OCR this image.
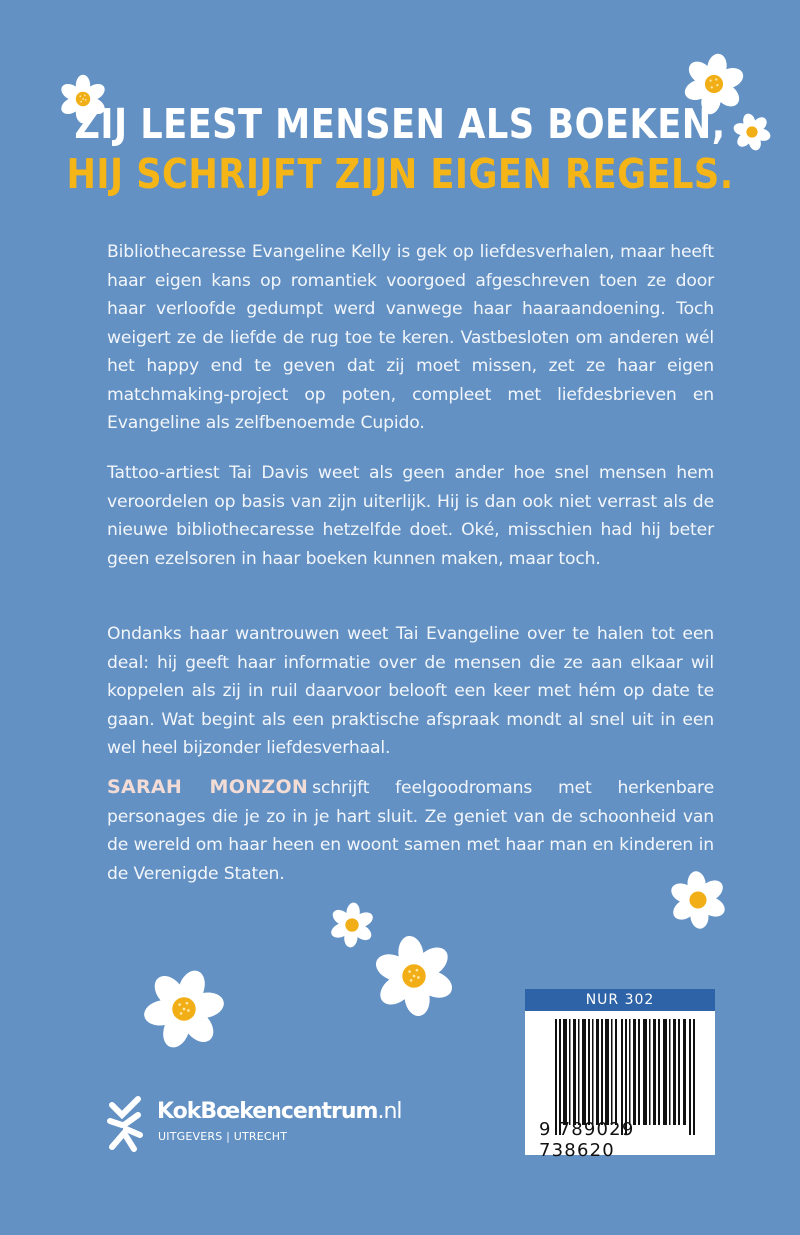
ZIJ LEEST MENSEN ALS BOEKEN,
HIJ SCHRIJFT ZIJN EIGEN REGELS.

Bibliothecaresse Evangeline Kelly is gek op liefdesverhalen, maar heeft haar eigen kans op romantiek voorgoed afgeschreven toen ze door haar verloofde gedumpt werd vanwege haar haaraandoening. Toch weigert ze de liefde de rug toe te keren. Vastbesloten om anderen wél het happy end te geven dat zij moet missen, zet ze haar eigen matchmaking-project op poten, compleet met liefdesbrieven en Evangeline als zelfbenoemde Cupido.

Tattoo-artiest Tai Davis weet als geen ander hoe snel mensen hem veroordelen op basis van zijn uiterlijk. Hij is dan ook niet verrast als de nieuwe bibliothecaresse hetzelfde doet. Oké, misschien had hij beter geen ezelsoren in haar boeken kunnen maken, maar toch.

Ondanks haar wantrouwen weet Tai Evangeline over te halen tot een deal: hij geeft haar informatie over de mensen die ze aan elkaar wil koppelen als zij in ruil daarvoor belooft een keer met hém op date te gaan. Wat begint als een praktische afspraak mondt al snel uit in een wel heel bijzonder liefdesverhaal.

SARAH MONZON schrijft feelgoodromans met herkenbare personages die je zo in je hart sluit. Ze geniet van de schoonheid van de wereld om haar heen en woont samen met haar man en kinderen in de Verenigde Staten.

NUR 302
9 789029 738620
KokBœkencentrum.nl
UITGEVERS | UTRECHT
